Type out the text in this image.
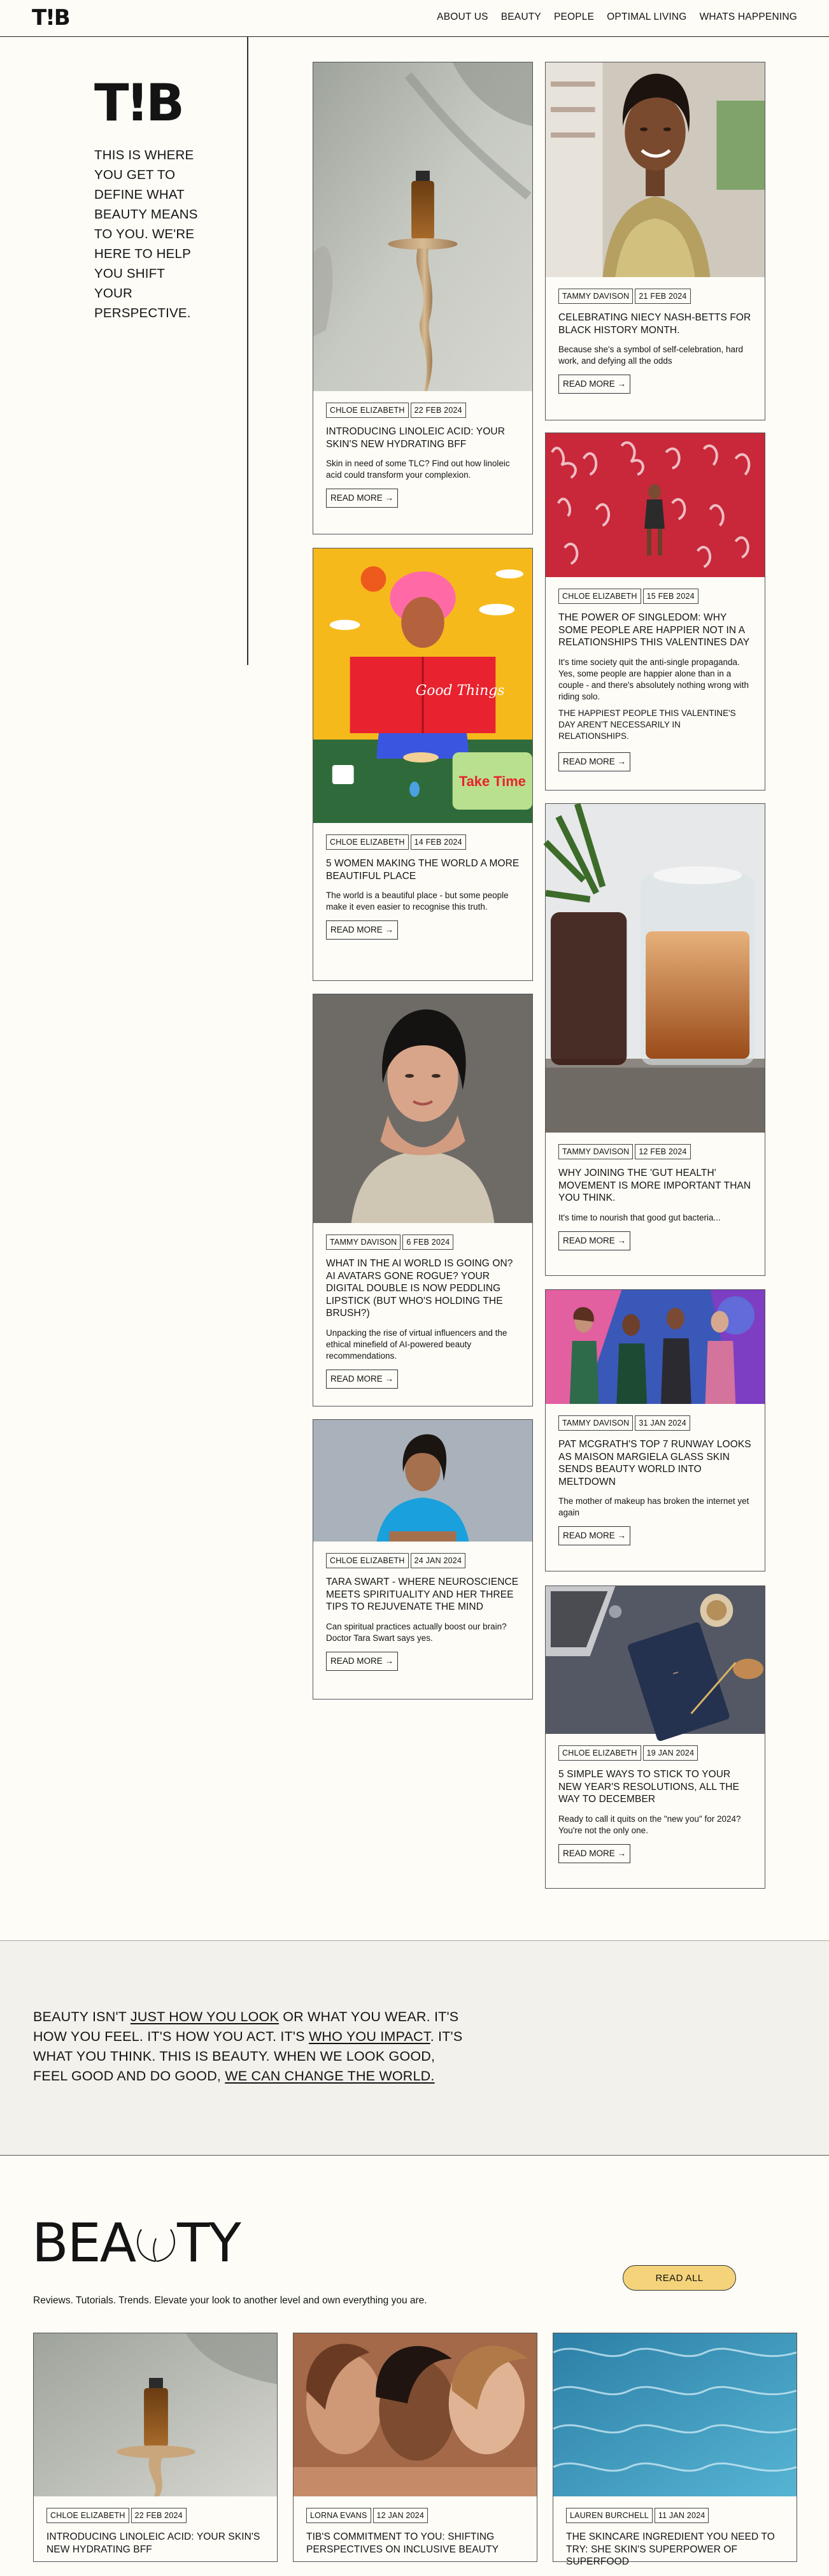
T!B	ABOUT US BEAUTY PEOPLE OPTIMAL LIVING WHATS HAPPENING
T!B
THIS IS WHERE YOU GET TO DEFINE WHAT BEAUTY MEANS TO YOU. WE'RE HERE TO HELP YOU SHIFT YOUR PERSPECTIVE.
CHLOE ELIZABETH	22 FEB 2024
INTRODUCING LINOLEIC ACID: YOUR SKIN'S NEW HYDRATING BFF
Skin in need of some TLC? Find out how linoleic acid could transform your complexion.
READ MORE →
TAMMY DAVISON	21 FEB 2024
CELEBRATING NIECY NASH-BETTS FOR BLACK HISTORY MONTH.
Because she's a symbol of self-celebration, hard work, and defying all the odds
READ MORE →
CHLOE ELIZABETH	15 FEB 2024
THE POWER OF SINGLEDOM: WHY SOME PEOPLE ARE HAPPIER NOT IN A RELATIONSHIPS THIS VALENTINES DAY
It's time society quit the anti-single propaganda. Yes, some people are happier alone than in a couple - and there's absolutely nothing wrong with riding solo.
THE HAPPIEST PEOPLE THIS VALENTINE'S DAY AREN'T NECESSARILY IN RELATIONSHIPS.
READ MORE →
Good Things
Take Time
CHLOE ELIZABETH	14 FEB 2024
5 WOMEN MAKING THE WORLD A MORE BEAUTIFUL PLACE
The world is a beautiful place - but some people make it even easier to recognise this truth.
READ MORE →
TAMMY DAVISON	12 FEB 2024
WHY JOINING THE 'GUT HEALTH' MOVEMENT IS MORE IMPORTANT THAN YOU THINK.
It's time to nourish that good gut bacteria...
READ MORE →
TAMMY DAVISON	6 FEB 2024
WHAT IN THE AI WORLD IS GOING ON? AI AVATARS GONE ROGUE? YOUR DIGITAL DOUBLE IS NOW PEDDLING LIPSTICK (BUT WHO'S HOLDING THE BRUSH?)
Unpacking the rise of virtual influencers and the ethical minefield of AI-powered beauty recommendations.
READ MORE →
TAMMY DAVISON	31 JAN 2024
PAT MCGRATH'S TOP 7 RUNWAY LOOKS AS MAISON MARGIELA GLASS SKIN SENDS BEAUTY WORLD INTO MELTDOWN
The mother of makeup has broken the internet yet again
READ MORE →
CHLOE ELIZABETH	24 JAN 2024
TARA SWART - WHERE NEUROSCIENCE MEETS SPIRITUALITY AND HER THREE TIPS TO REJUVENATE THE MIND
Can spiritual practices actually boost our brain? Doctor Tara Swart says yes.
READ MORE →
~
CHLOE ELIZABETH	19 JAN 2024
5 SIMPLE WAYS TO STICK TO YOUR NEW YEAR'S RESOLUTIONS, ALL THE WAY TO DECEMBER
Ready to call it quits on the "new you" for 2024? You're not the only one.
READ MORE →
BEAUTY ISN'T JUST HOW YOU LOOK OR WHAT YOU WEAR. IT'S HOW YOU FEEL. IT'S HOW YOU ACT. IT'S WHO YOU IMPACT. IT'S WHAT YOU THINK. THIS IS BEAUTY. WHEN WE LOOK GOOD, FEEL GOOD AND DO GOOD, WE CAN CHANGE THE WORLD.
BEA TY
READ ALL
Reviews. Tutorials. Trends. Elevate your look to another level and own everything you are.
CHLOE ELIZABETH	22 FEB 2024
INTRODUCING LINOLEIC ACID: YOUR SKIN'S NEW HYDRATING BFF
LORNA EVANS	12 JAN 2024
TIB'S COMMITMENT TO YOU: SHIFTING PERSPECTIVES ON INCLUSIVE BEAUTY
LAUREN BURCHELL	11 JAN 2024
THE SKINCARE INGREDIENT YOU NEED TO TRY: SHE SKIN'S SUPERPOWER OF SUPERFOOD
